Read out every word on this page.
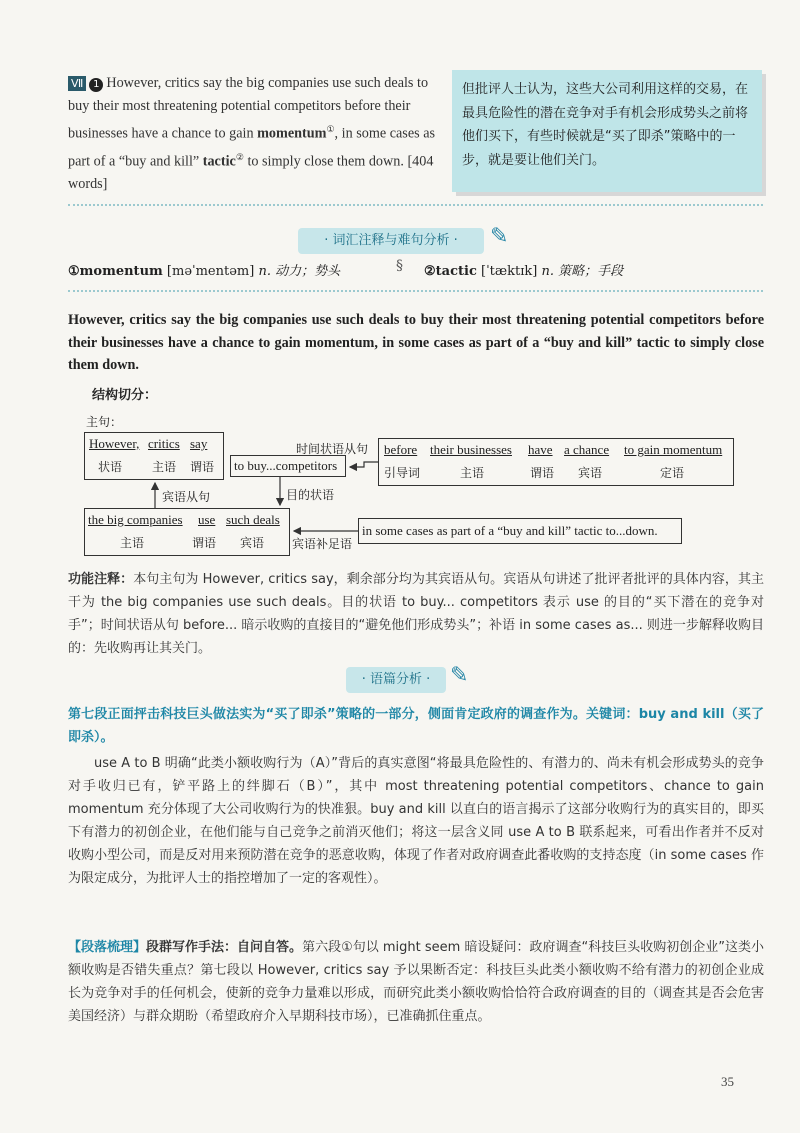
Ⅶ 1 However, critics say the big companies use such deals to buy their most threatening potential competitors before their businesses have a chance to gain momentum①, in some cases as part of a “buy and kill” tactic② to simply close them down. [404 words]
但批评人士认为，这些大公司利用这样的交易，在最具危险性的潜在竞争对手有机会形成势头之前将他们买下，有些时候就是“买了即杀”策略中的一步，就是要让他们关门。
· 词汇注释与难句分析 ·	✎
①momentum [məˈmentəm] n. 动力；势头	§ ②tactic [ˈtæktɪk] n. 策略；手段
However, critics say the big companies use such deals to buy their most threatening potential competitors before their businesses have a chance to gain momentum, in some cases as part of a “buy and kill” tactic to simply close them down.
结构切分：
主句：
However, critics say
状语 主语 谓语 to buy...competitors
时间状语从句 before their businesses have a chance to gain momentum
引导词	主语	谓语 宾语	定语
宾语从句	目的状语
the big companies use such deals
主语	谓语 宾语 宾语补足语
in some cases as part of a “buy and kill” tactic to...down.
功能注释：本句主句为 However, critics say，剩余部分均为其宾语从句。宾语从句讲述了批评者批评的具体内容，其主干为 the big companies use such deals。目的状语 to buy... competitors 表示 use 的目的“买下潜在的竞争对手”；时间状语从句 before... 暗示收购的直接目的“避免他们形成势头”；补语 in some cases as... 则进一步解释收购目的：先收购再让其关门。
· 语篇分析 · ✎
第七段正面抨击科技巨头做法实为“买了即杀”策略的一部分，侧面肯定政府的调查作为。关键词：buy and kill（买了即杀）。
use A to B 明确“此类小额收购行为（A）”背后的真实意图“将最具危险性的、有潜力的、尚未有机会形成势头的竞争对手收归已有，铲平路上的绊脚石（B）”，其中 most threatening potential competitors、chance to gain momentum 充分体现了大公司收购行为的快准狠。buy and kill 以直白的语言揭示了这部分收购行为的真实目的，即买下有潜力的初创企业，在他们能与自己竞争之前消灭他们；将这一层含义同 use A to B 联系起来，可看出作者并不反对收购小型公司，而是反对用来预防潜在竞争的恶意收购，体现了作者对政府调查此番收购的支持态度（in some cases 作为限定成分，为批评人士的指控增加了一定的客观性）。
【段落梳理】段群写作手法：自问自答。第六段①句以 might seem 暗设疑问：政府调查“科技巨头收购初创企业”这类小额收购是否错失重点？第七段以 However, critics say 予以果断否定：科技巨头此类小额收购不给有潜力的初创企业成长为竞争对手的任何机会，使新的竞争力量难以形成，而研究此类小额收购恰恰符合政府调查的目的（调查其是否会危害美国经济）与群众期盼（希望政府介入早期科技市场），已准确抓住重点。
35
